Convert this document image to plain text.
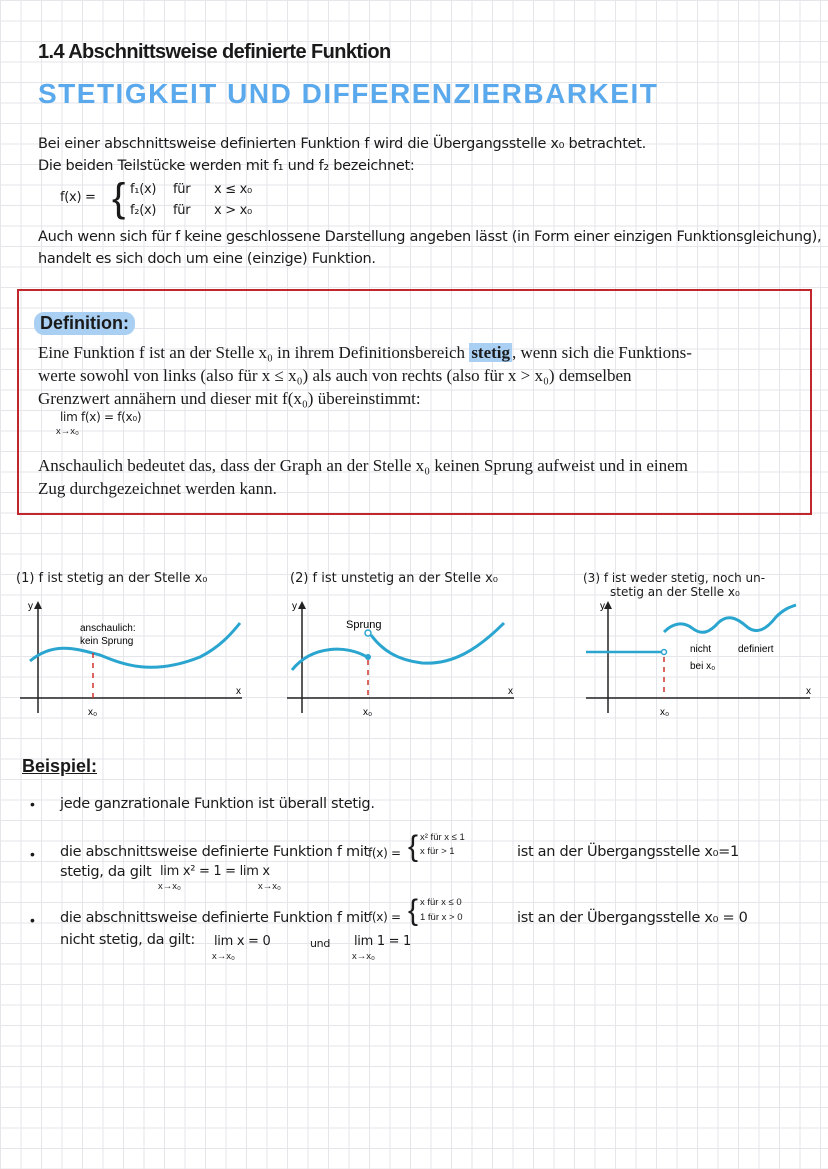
1.4 Abschnittsweise definierte Funktion
STETIGKEIT UND DIFFERENZIERBARKEIT
Bei einer abschnittsweise definierten Funktion f wird die Übergangsstelle x₀ betrachtet.
Die beiden Teilstücke werden mit f₁ und f₂ bezeichnet:
f(x) = { f₁(x) für x ≤ x₀
f₂(x) für x > x₀
Auch wenn sich für f keine geschlossene Darstellung angeben lässt (in Form einer einzigen Funktionsgleichung),
handelt es sich doch um eine (einzige) Funktion.
Definition:
Eine Funktion f ist an der Stelle x₀ in ihrem Definitionsbereich stetig , wenn sich die Funktions-
werte sowohl von links (also für x ≤ x₀) als auch von rechts (also für x > x₀) demselben
Grenzwert annähern und dieser mit f(x₀) übereinstimmt:
lim f(x) = f(x₀)
x→x₀
Anschaulich bedeutet das, dass der Graph an der Stelle x₀ keinen Sprung aufweist und in einem
Zug durchgezeichnet werden kann.
(1) f ist stetig an der Stelle x₀	(2) f ist unstetig an der Stelle x₀	(3) f ist weder stetig, noch un-
stetig an der Stelle x₀
y
x
x₀
anschaulich:
kein Sprung
y
x
x₀
Sprung
y
x
x₀
nicht	definiert
bei x₀
Beispiel:
• jede ganzrationale Funktion ist überall stetig.
• die abschnittsweise definierte Funktion f mit f(x) = { x² für x ≤ 1
x für > 1	ist an der Übergangsstelle x₀=1
stetig, da gilt lim x² = 1 = lim x
x→x₀	x→x₀
• die abschnittsweise definierte Funktion f mit f(x) = { x für x ≤ 0
1 für x > 0	ist an der Übergangsstelle x₀ = 0
nicht stetig, da gilt: lim x = 0
x→x₀
und lim 1 = 1
x→x₀
